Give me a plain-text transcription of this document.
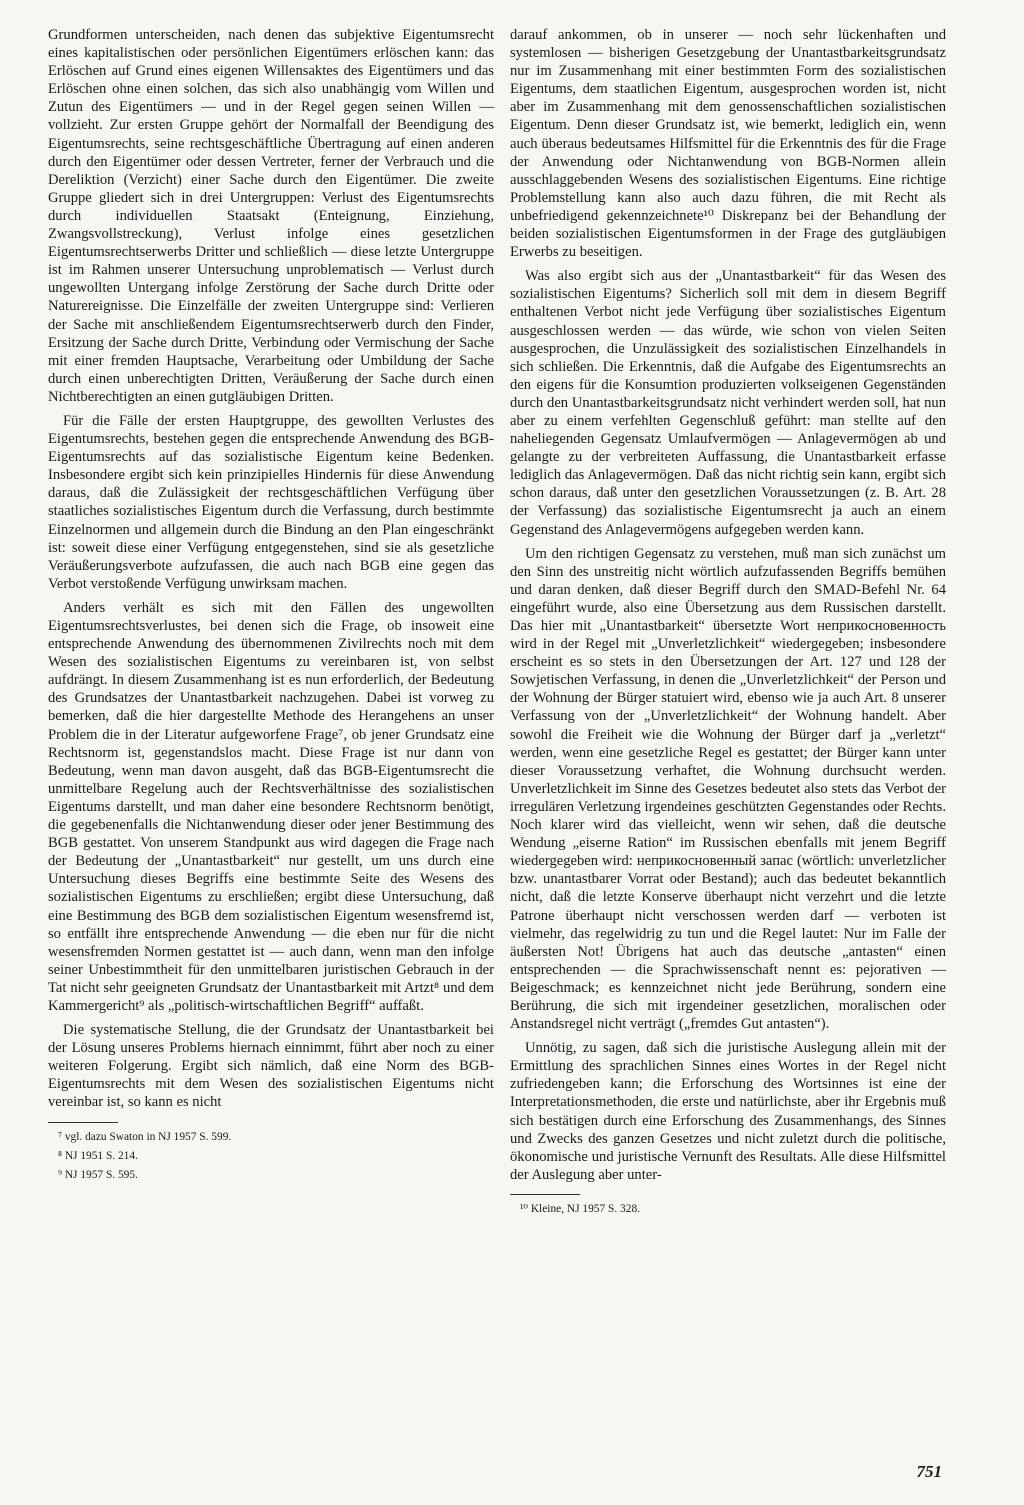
Grundformen unterscheiden, nach denen das subjektive Eigentumsrecht eines kapitalistischen oder persönlichen Eigentümers erlöschen kann: das Erlöschen auf Grund eines eigenen Willensaktes des Eigentümers und das Erlöschen ohne einen solchen, das sich also unabhängig vom Willen und Zutun des Eigentümers — und in der Regel gegen seinen Willen — vollzieht. Zur ersten Gruppe gehört der Normalfall der Beendigung des Eigentumsrechts, seine rechtsgeschäftliche Übertragung auf einen anderen durch den Eigentümer oder dessen Vertreter, ferner der Verbrauch und die Dereliktion (Verzicht) einer Sache durch den Eigentümer. Die zweite Gruppe gliedert sich in drei Untergruppen: Verlust des Eigentumsrechts durch individuellen Staatsakt (Enteignung, Einziehung, Zwangsvollstreckung), Verlust infolge eines gesetzlichen Eigentumsrechtserwerbs Dritter und schließlich — diese letzte Untergruppe ist im Rahmen unserer Untersuchung unproblematisch — Verlust durch ungewollten Untergang infolge Zerstörung der Sache durch Dritte oder Naturereignisse. Die Einzelfälle der zweiten Untergruppe sind: Verlieren der Sache mit anschließendem Eigentumsrechtserwerb durch den Finder, Ersitzung der Sache durch Dritte, Verbindung oder Vermischung der Sache mit einer fremden Hauptsache, Verarbeitung oder Umbildung der Sache durch einen unberechtigten Dritten, Veräußerung der Sache durch einen Nichtberechtigten an einen gutgläubigen Dritten.

Für die Fälle der ersten Hauptgruppe, des gewollten Verlustes des Eigentumsrechts, bestehen gegen die entsprechende Anwendung des BGB-Eigentumsrechts auf das sozialistische Eigentum keine Bedenken. Insbesondere ergibt sich kein prinzipielles Hindernis für diese Anwendung daraus, daß die Zulässigkeit der rechtsgeschäftlichen Verfügung über staatliches sozialistisches Eigentum durch die Verfassung, durch bestimmte Einzelnormen und allgemein durch die Bindung an den Plan eingeschränkt ist: soweit diese einer Verfügung entgegenstehen, sind sie als gesetzliche Veräußerungsverbote aufzufassen, die auch nach BGB eine gegen das Verbot verstoßende Verfügung unwirksam machen.

Anders verhält es sich mit den Fällen des ungewollten Eigentumsrechtsverlustes, bei denen sich die Frage, ob insoweit eine entsprechende Anwendung des übernommenen Zivilrechts noch mit dem Wesen des sozialistischen Eigentums zu vereinbaren ist, von selbst aufdrängt. In diesem Zusammenhang ist es nun erforderlich, der Bedeutung des Grundsatzes der Unantastbarkeit nachzugehen. Dabei ist vorweg zu bemerken, daß die hier dargestellte Methode des Herangehens an unser Problem die in der Literatur aufgeworfene Frage⁷, ob jener Grundsatz eine Rechtsnorm ist, gegenstandslos macht. Diese Frage ist nur dann von Bedeutung, wenn man davon ausgeht, daß das BGB-Eigentumsrecht die unmittelbare Regelung auch der Rechtsverhältnisse des sozialistischen Eigentums darstellt, und man daher eine besondere Rechtsnorm benötigt, die gegebenenfalls die Nichtanwendung dieser oder jener Bestimmung des BGB gestattet. Von unserem Standpunkt aus wird dagegen die Frage nach der Bedeutung der „Unantastbarkeit“ nur gestellt, um uns durch eine Untersuchung dieses Begriffs eine bestimmte Seite des Wesens des sozialistischen Eigentums zu erschließen; ergibt diese Untersuchung, daß eine Bestimmung des BGB dem sozialistischen Eigentum wesensfremd ist, so entfällt ihre entsprechende Anwendung — die eben nur für die nicht wesensfremden Normen gestattet ist — auch dann, wenn man den infolge seiner Unbestimmtheit für den unmittelbaren juristischen Gebrauch in der Tat nicht sehr geeigneten Grundsatz der Unantastbarkeit mit Artzt⁸ und dem Kammergericht⁹ als „politisch-wirtschaftlichen Begriff“ auffaßt.

Die systematische Stellung, die der Grundsatz der Unantastbarkeit bei der Lösung unseres Problems hiernach einnimmt, führt aber noch zu einer weiteren Folgerung. Ergibt sich nämlich, daß eine Norm des BGB-Eigentumsrechts mit dem Wesen des sozialistischen Eigentums nicht vereinbar ist, so kann es nicht

⁷ vgl. dazu Swaton in NJ 1957 S. 599.

⁸ NJ 1951 S. 214.

⁹ NJ 1957 S. 595.

darauf ankommen, ob in unserer — noch sehr lückenhaften und systemlosen — bisherigen Gesetzgebung der Unantastbarkeitsgrundsatz nur im Zusammenhang mit einer bestimmten Form des sozialistischen Eigentums, dem staatlichen Eigentum, ausgesprochen worden ist, nicht aber im Zusammenhang mit dem genossenschaftlichen sozialistischen Eigentum. Denn dieser Grundsatz ist, wie bemerkt, lediglich ein, wenn auch überaus bedeutsames Hilfsmittel für die Erkenntnis des für die Frage der Anwendung oder Nichtanwendung von BGB-Normen allein ausschlaggebenden Wesens des sozialistischen Eigentums. Eine richtige Problemstellung kann also auch dazu führen, die mit Recht als unbefriedigend gekennzeichnete¹⁰ Diskrepanz bei der Behandlung der beiden sozialistischen Eigentumsformen in der Frage des gutgläubigen Erwerbs zu beseitigen.

Was also ergibt sich aus der „Unantastbarkeit“ für das Wesen des sozialistischen Eigentums? Sicherlich soll mit dem in diesem Begriff enthaltenen Verbot nicht jede Verfügung über sozialistisches Eigentum ausgeschlossen werden — das würde, wie schon von vielen Seiten ausgesprochen, die Unzulässigkeit des sozialistischen Einzelhandels in sich schließen. Die Erkenntnis, daß die Aufgabe des Eigentumsrechts an den eigens für die Konsumtion produzierten volkseigenen Gegenständen durch den Unantastbarkeitsgrundsatz nicht verhindert werden soll, hat nun aber zu einem verfehlten Gegenschluß geführt: man stellte auf den naheliegenden Gegensatz Umlaufvermögen — Anlagevermögen ab und gelangte zu der verbreiteten Auffassung, die Unantastbarkeit erfasse lediglich das Anlagevermögen. Daß das nicht richtig sein kann, ergibt sich schon daraus, daß unter den gesetzlichen Voraussetzungen (z. B. Art. 28 der Verfassung) das sozialistische Eigentumsrecht ja auch an einem Gegenstand des Anlagevermögens aufgegeben werden kann.

Um den richtigen Gegensatz zu verstehen, muß man sich zunächst um den Sinn des unstreitig nicht wörtlich aufzufassenden Begriffs bemühen und daran denken, daß dieser Begriff durch den SMAD-Befehl Nr. 64 eingeführt wurde, also eine Übersetzung aus dem Russischen darstellt. Das hier mit „Unantastbarkeit“ übersetzte Wort неприкосновенность wird in der Regel mit „Unverletzlichkeit“ wiedergegeben; insbesondere erscheint es so stets in den Übersetzungen der Art. 127 und 128 der Sowjetischen Verfassung, in denen die „Unverletzlichkeit“ der Person und der Wohnung der Bürger statuiert wird, ebenso wie ja auch Art. 8 unserer Verfassung von der „Unverletzlichkeit“ der Wohnung handelt. Aber sowohl die Freiheit wie die Wohnung der Bürger darf ja „verletzt“ werden, wenn eine gesetzliche Regel es gestattet; der Bürger kann unter dieser Voraussetzung verhaftet, die Wohnung durchsucht werden. Unverletzlichkeit im Sinne des Gesetzes bedeutet also stets das Verbot der irregulären Verletzung irgendeines geschützten Gegenstandes oder Rechts. Noch klarer wird das vielleicht, wenn wir sehen, daß die deutsche Wendung „eiserne Ration“ im Russischen ebenfalls mit jenem Begriff wiedergegeben wird: неприкосновенный запас (wörtlich: unverletzlicher bzw. unantastbarer Vorrat oder Bestand); auch das bedeutet bekanntlich nicht, daß die letzte Konserve überhaupt nicht verzehrt und die letzte Patrone überhaupt nicht verschossen werden darf — verboten ist vielmehr, das regelwidrig zu tun und die Regel lautet: Nur im Falle der äußersten Not! Übrigens hat auch das deutsche „antasten“ einen entsprechenden — die Sprachwissenschaft nennt es: pejorativen — Beigeschmack; es kennzeichnet nicht jede Berührung, sondern eine Berührung, die sich mit irgendeiner gesetzlichen, moralischen oder Anstandsregel nicht verträgt („fremdes Gut antasten“).

Unnötig, zu sagen, daß sich die juristische Auslegung allein mit der Ermittlung des sprachlichen Sinnes eines Wortes in der Regel nicht zufriedengeben kann; die Erforschung des Wortsinnes ist eine der Interpretationsmethoden, die erste und natürlichste, aber ihr Ergebnis muß sich bestätigen durch eine Erforschung des Zusammenhangs, des Sinnes und Zwecks des ganzen Gesetzes und nicht zuletzt durch die politische, ökonomische und juristische Vernunft des Resultats. Alle diese Hilfsmittel der Auslegung aber unter-

¹⁰ Kleine, NJ 1957 S. 328.

751
